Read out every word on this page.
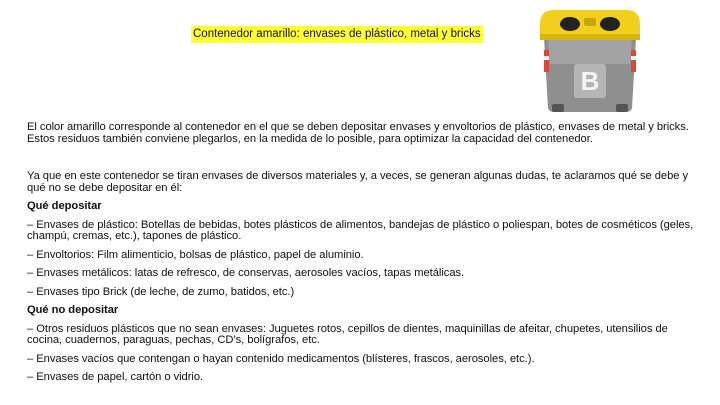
Contenedor amarillo: envases de plástico, metal y bricks
B

El color amarillo corresponde al contenedor en el que se deben depositar envases y envoltorios de plástico, envases de metal y bricks. Estos residuos también conviene plegarlos, en la medida de lo posible, para optimizar la capacidad del contenedor.

Ya que en este contenedor se tiran envases de diversos materiales y, a veces, se generan algunas dudas, te aclaramos qué se debe y qué no se debe depositar en él:

Qué depositar

– Envases de plástico: Botellas de bebidas, botes plásticos de alimentos, bandejas de plástico o poliespan, botes de cosméticos (geles, champú, cremas, etc.), tapones de plástico.

– Envoltorios: Film alimenticio, bolsas de plástico, papel de aluminio.

– Envases metálicos: latas de refresco, de conservas, aerosoles vacíos, tapas metálicas.

– Envases tipo Brick (de leche, de zumo, batidos, etc.)

Qué no depositar

– Otros residuos plásticos que no sean envases: Juguetes rotos, cepillos de dientes, maquinillas de afeitar, chupetes, utensilios de cocina, cuadernos, paraguas, pechas, CD’s, bolígrafos, etc.

– Envases vacíos que contengan o hayan contenido medicamentos (blísteres, frascos, aerosoles, etc.).

– Envases de papel, cartón o vidrio.
